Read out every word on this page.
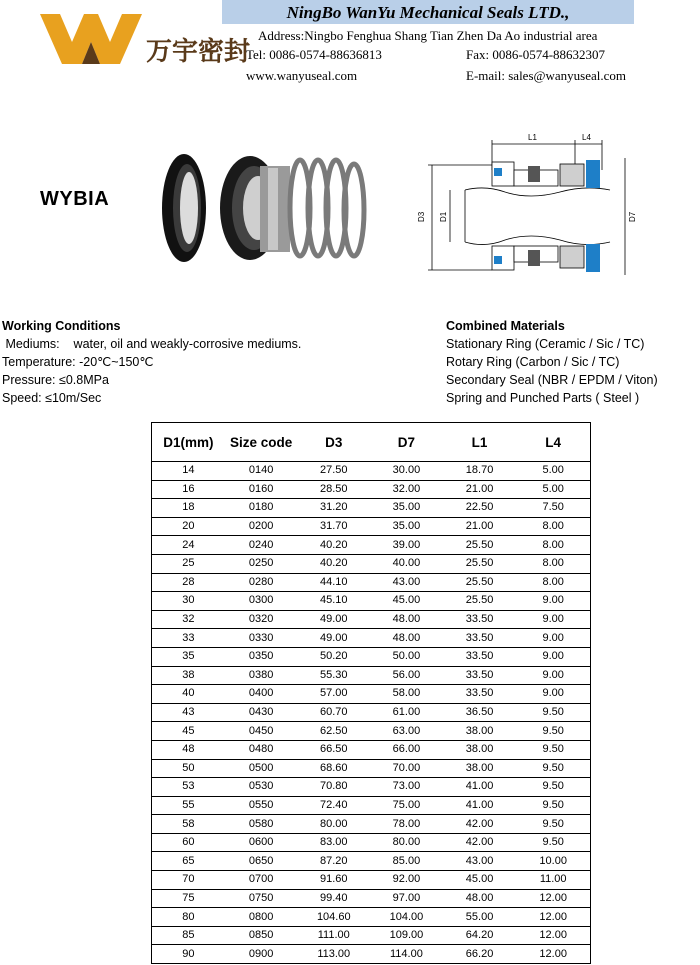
万宇密封
NingBo WanYu Mechanical Seals LTD.,
Address:Ningbo Fenghua Shang Tian Zhen Da Ao industrial area
Tel: 0086-0574-88636813	Fax: 0086-0574-88632307
www.wanyuseal.com	E-mail: sales@wanyuseal.com
WYBIA
L1	L4
D3 D1	D7
Working Conditions
Mediums:    water, oil and weakly-corrosive mediums.
Temperature: -20℃~150℃
Pressure: ≤0.8MPa
Speed: ≤10m/Sec
Combined Materials
Stationary Ring (Ceramic / Sic / TC)
Rotary Ring (Carbon / Sic / TC)
Secondary Seal (NBR / EPDM / Viton)
Spring and Punched Parts ( Steel )
D1(mm)	Size code	D3	D7	L1	L4
14	0140	27.50	30.00	18.70	5.00
16	0160	28.50	32.00	21.00	5.00
18	0180	31.20	35.00	22.50	7.50
20	0200	31.70	35.00	21.00	8.00
24	0240	40.20	39.00	25.50	8.00
25	0250	40.20	40.00	25.50	8.00
28	0280	44.10	43.00	25.50	8.00
30	0300	45.10	45.00	25.50	9.00
32	0320	49.00	48.00	33.50	9.00
33	0330	49.00	48.00	33.50	9.00
35	0350	50.20	50.00	33.50	9.00
38	0380	55.30	56.00	33.50	9.00
40	0400	57.00	58.00	33.50	9.00
43	0430	60.70	61.00	36.50	9.50
45	0450	62.50	63.00	38.00	9.50
48	0480	66.50	66.00	38.00	9.50
50	0500	68.60	70.00	38.00	9.50
53	0530	70.80	73.00	41.00	9.50
55	0550	72.40	75.00	41.00	9.50
58	0580	80.00	78.00	42.00	9.50
60	0600	83.00	80.00	42.00	9.50
65	0650	87.20	85.00	43.00	10.00
70	0700	91.60	92.00	45.00	11.00
75	0750	99.40	97.00	48.00	12.00
80	0800	104.60	104.00	55.00	12.00
85	0850	111.00	109.00	64.20	12.00
90	0900	113.00	114.00	66.20	12.00
